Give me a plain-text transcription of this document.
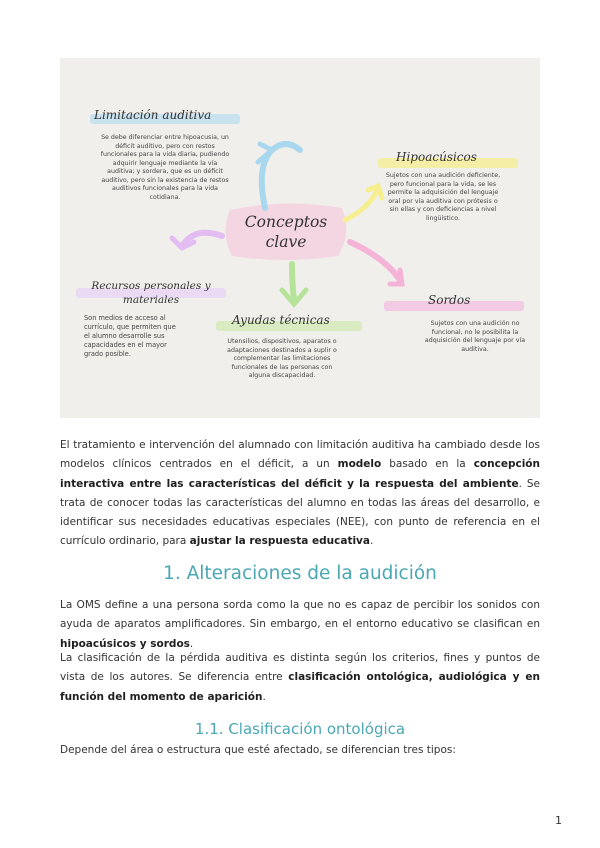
Conceptos clave
Limitación auditiva
Se debe diferenciar entre hipoacusia, un déficit auditivo, pero con restos funcionales para la vida diaria, pudiendo adquirir lenguaje mediante la vía auditiva; y sordera, que es un déficit auditivo, pero sin la existencia de restos auditivos funcionales para la vida cotidiana.
Hipoacúsicos
Sujetos con una audición deficiente, pero funcional para la vida, se les permite la adquisición del lenguaje oral por vía auditiva con prótesis o sin ellas y con deficiencias a nivel lingüístico.
Recursos personales y materiales
Son medios de acceso al currículo, que permiten que el alumno desarrolle sus capacidades en el mayor grado posible.
Ayudas técnicas
Utensilios, dispositivos, aparatos o adaptaciones destinados a suplir o complementar las limitaciones funcionales de las personas con alguna discapacidad.
Sordos
Sujetos con una audición no funcional, no le posibilita la adquisición del lenguaje por vía auditiva.

El tratamiento e intervención del alumnado con limitación auditiva ha cambiado desde los modelos clínicos centrados en el déficit, a un modelo basado en la concepción interactiva entre las características del déficit y la respuesta del ambiente. Se trata de conocer todas las características del alumno en todas las áreas del desarrollo, e identificar sus necesidades educativas especiales (NEE), con punto de referencia en el currículo ordinario, para ajustar la respuesta educativa.

1. Alteraciones de la audición

La OMS define a una persona sorda como la que no es capaz de percibir los sonidos con ayuda de aparatos amplificadores. Sin embargo, en el entorno educativo se clasifican en hipoacúsicos y sordos.

La clasificación de la pérdida auditiva es distinta según los criterios, fines y puntos de vista de los autores. Se diferencia entre clasificación ontológica, audiológica y en función del momento de aparición.

1.1. Clasificación ontológica

Depende del área o estructura que esté afectado, se diferencian tres tipos:

1
